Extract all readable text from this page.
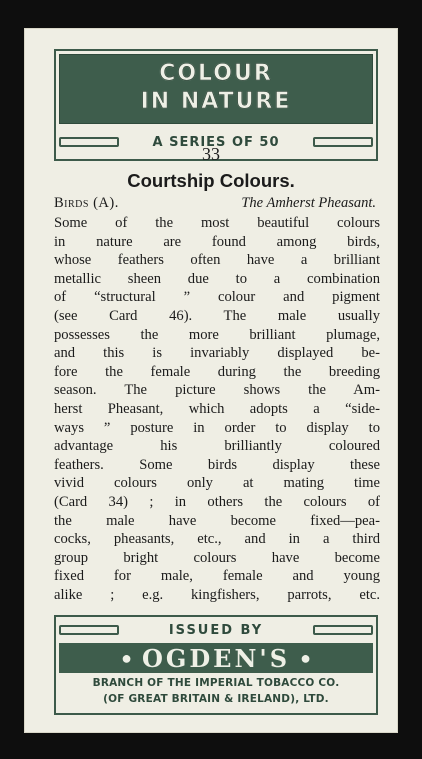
COLOUR
IN NATURE
A SERIES OF 50
33
Courtship Colours.
Birds (A).	The Amherst Pheasant.
Some of the most beautiful colours
in nature are found among birds,
whose feathers often have a brilliant
metallic sheen due to a combination
of “structural ” colour and pigment
(see Card 46). The male usually
possesses the more brilliant plumage,
and this is invariably displayed be-
fore the female during the breeding
season. The picture shows the Am-
herst Pheasant, which adopts a “side-
ways ” posture in order to display to
advantage his brilliantly coloured
feathers. Some birds display these
vivid colours only at mating time
(Card 34) ; in others the colours of
the male have become fixed—pea-
cocks, pheasants, etc., and in a third
group bright colours have become
fixed for male, female and young
alike ; e.g. kingfishers, parrots, etc.
ISSUED BY
● OGDEN'S ●
BRANCH OF THE IMPERIAL TOBACCO CO.
(OF GREAT BRITAIN & IRELAND), LTD.
